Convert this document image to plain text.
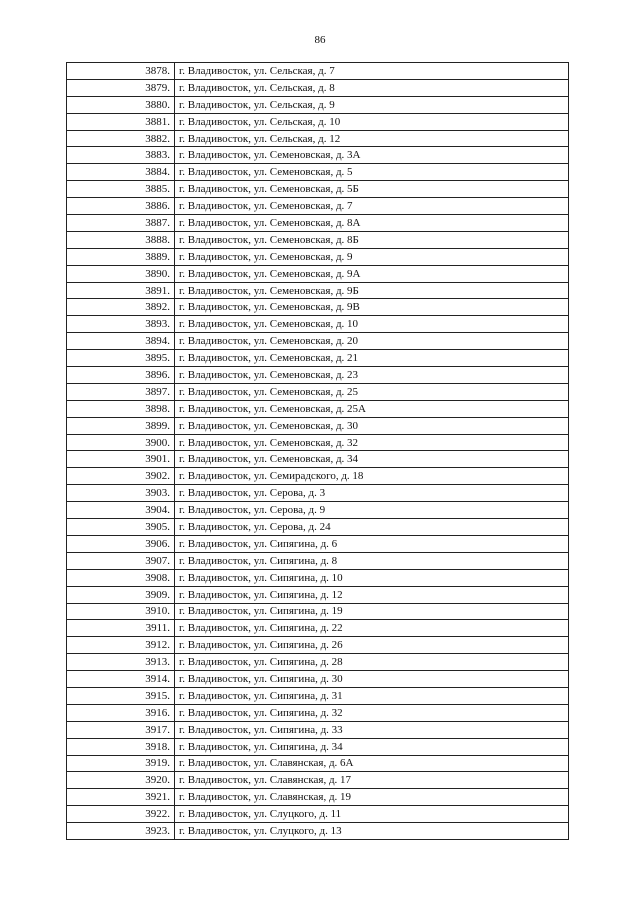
86
3878.	г. Владивосток, ул. Сельская, д. 7
3879.	г. Владивосток, ул. Сельская, д. 8
3880.	г. Владивосток, ул. Сельская, д. 9
3881.	г. Владивосток, ул. Сельская, д. 10
3882.	г. Владивосток, ул. Сельская, д. 12
3883.	г. Владивосток, ул. Семеновская, д. 3А
3884.	г. Владивосток, ул. Семеновская, д. 5
3885.	г. Владивосток, ул. Семеновская, д. 5Б
3886.	г. Владивосток, ул. Семеновская, д. 7
3887.	г. Владивосток, ул. Семеновская, д. 8А
3888.	г. Владивосток, ул. Семеновская, д. 8Б
3889.	г. Владивосток, ул. Семеновская, д. 9
3890.	г. Владивосток, ул. Семеновская, д. 9А
3891.	г. Владивосток, ул. Семеновская, д. 9Б
3892.	г. Владивосток, ул. Семеновская, д. 9В
3893.	г. Владивосток, ул. Семеновская, д. 10
3894.	г. Владивосток, ул. Семеновская, д. 20
3895.	г. Владивосток, ул. Семеновская, д. 21
3896.	г. Владивосток, ул. Семеновская, д. 23
3897.	г. Владивосток, ул. Семеновская, д. 25
3898.	г. Владивосток, ул. Семеновская, д. 25А
3899.	г. Владивосток, ул. Семеновская, д. 30
3900.	г. Владивосток, ул. Семеновская, д. 32
3901.	г. Владивосток, ул. Семеновская, д. 34
3902.	г. Владивосток, ул. Семирадского, д. 18
3903.	г. Владивосток, ул. Серова, д. 3
3904.	г. Владивосток, ул. Серова, д. 9
3905.	г. Владивосток, ул. Серова, д. 24
3906.	г. Владивосток, ул. Сипягина, д. 6
3907.	г. Владивосток, ул. Сипягина, д. 8
3908.	г. Владивосток, ул. Сипягина, д. 10
3909.	г. Владивосток, ул. Сипягина, д. 12
3910.	г. Владивосток, ул. Сипягина, д. 19
3911.	г. Владивосток, ул. Сипягина, д. 22
3912.	г. Владивосток, ул. Сипягина, д. 26
3913.	г. Владивосток, ул. Сипягина, д. 28
3914.	г. Владивосток, ул. Сипягина, д. 30
3915.	г. Владивосток, ул. Сипягина, д. 31
3916.	г. Владивосток, ул. Сипягина, д. 32
3917.	г. Владивосток, ул. Сипягина, д. 33
3918.	г. Владивосток, ул. Сипягина, д. 34
3919.	г. Владивосток, ул. Славянская, д. 6А
3920.	г. Владивосток, ул. Славянская, д. 17
3921.	г. Владивосток, ул. Славянская, д. 19
3922.	г. Владивосток, ул. Слуцкого, д. 11
3923.	г. Владивосток, ул. Слуцкого, д. 13
